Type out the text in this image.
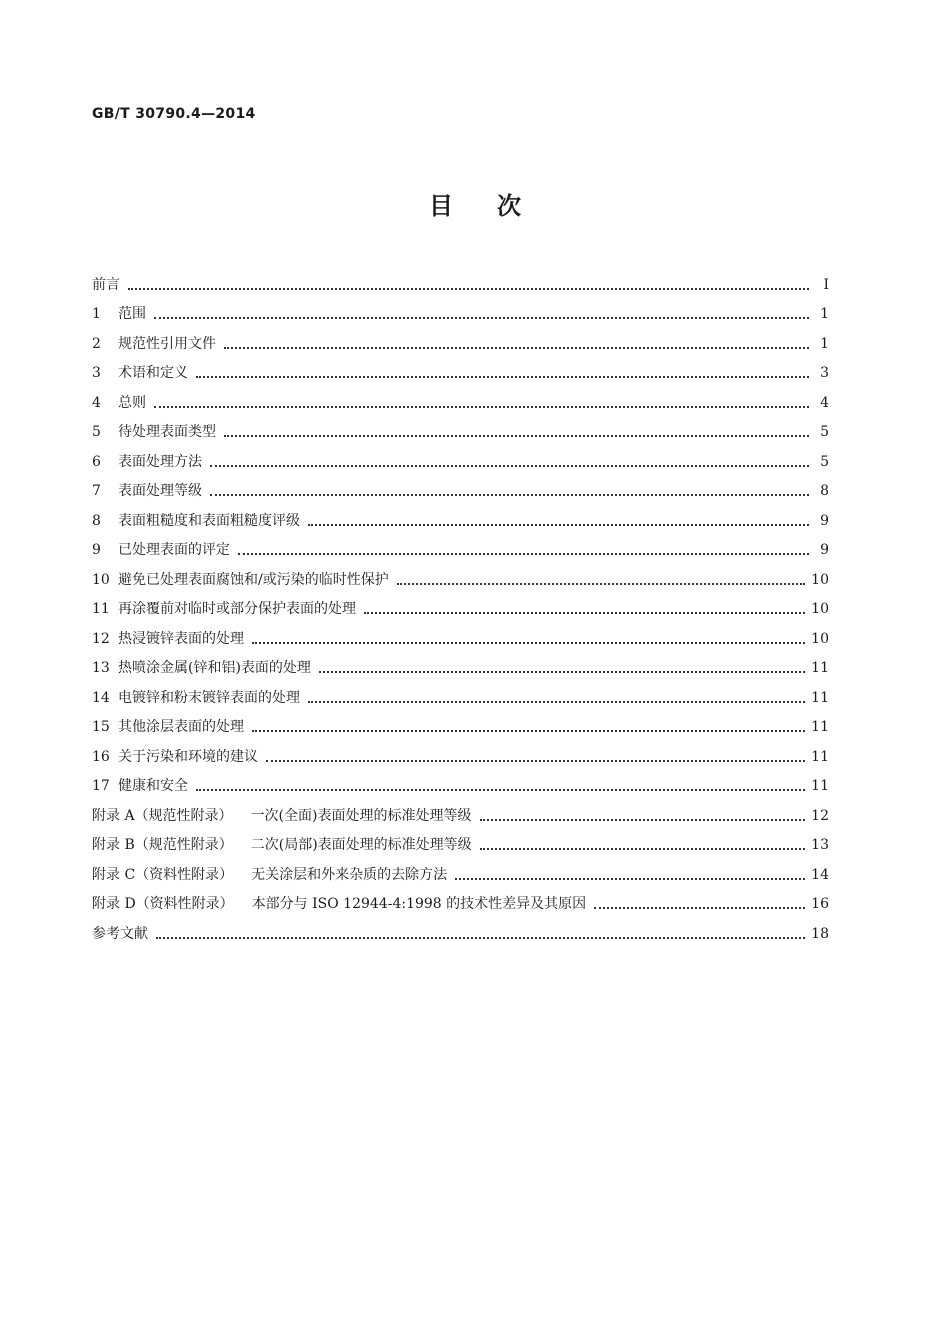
GB/T 30790.4—2014
目 次
前言	Ⅰ
1	范围	1
2	规范性引用文件	1
3	术语和定义	3
4	总则	4
5	待处理表面类型	5
6	表面处理方法	5
7	表面处理等级	8
8	表面粗糙度和表面粗糙度评级	9
9	已处理表面的评定	9
10 避免已处理表面腐蚀和/或污染的临时性保护	10
11 再涂覆前对临时或部分保护表面的处理	10
12 热浸镀锌表面的处理	10
13 热喷涂金属(锌和铝)表面的处理	11
14 电镀锌和粉末镀锌表面的处理	11
15 其他涂层表面的处理	11
16 关于污染和环境的建议	11
17 健康和安全	11
附录 A（规范性附录） 一次(全面)表面处理的标准处理等级	12
附录 B（规范性附录） 二次(局部)表面处理的标准处理等级	13
附录 C（资料性附录） 无关涂层和外来杂质的去除方法	14
附录 D（资料性附录） 本部分与 ISO 12944-4:1998 的技术性差异及其原因	16
参考文献	18
